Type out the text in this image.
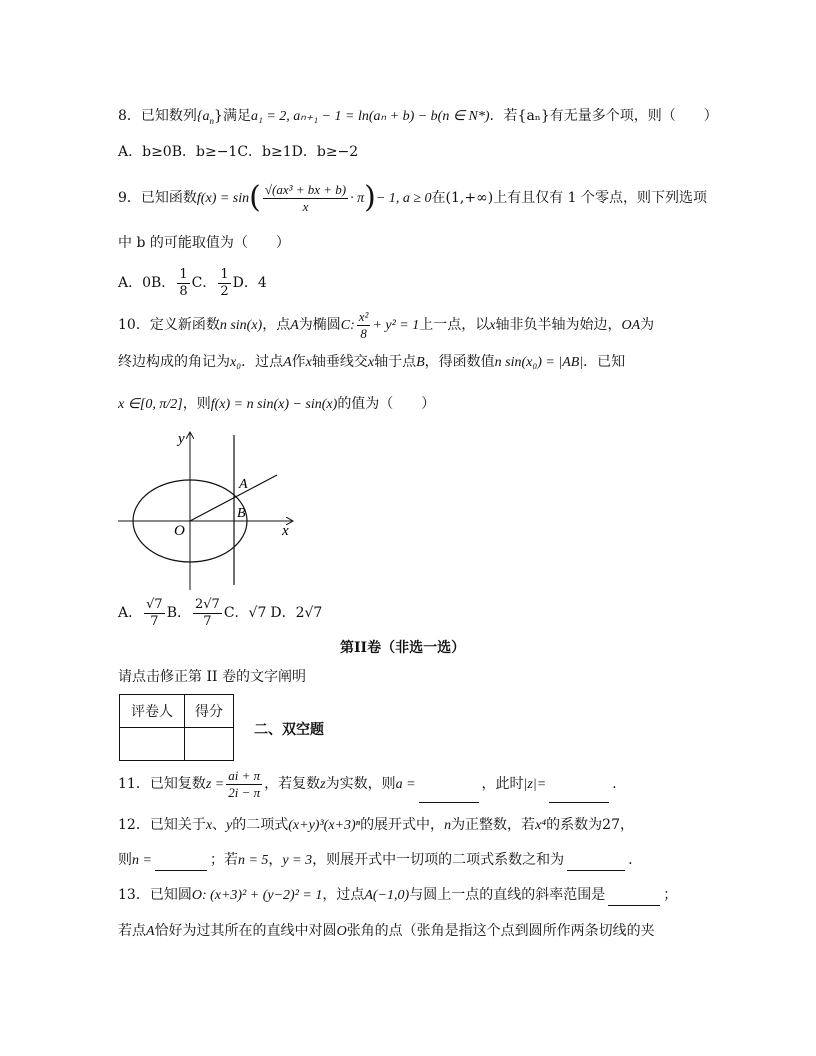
8．已知数列$\{a_n\}$满足a₁ = 2, aₙ₊₁ − 1 = ln(aₙ + b) − b(n ∈ N*)．若{aₙ}有无量多个项，则（　　）
A．b≥0B．b≥−1C．b≥1D．b≥−2
9．已知函数$f(x) = \sin( \frac{\text{√(ax³ + bx + b)}}{x} \cdot \pi)- 1$, a ≥ 0在(1,+∞)上有且仅有 1 个零点，则下列选项
中 b 的可能取值为（　　）
A．0B． $\frac{1}{8}$ C． $\frac{1}{2}$ D．4
10．定义新函数n sin(x)，点A为椭圆C: $\frac{\text{x²}}{8} + y^2 = 1$上一点，以x轴非负半轴为始边，OA为
终边构成的角记为x₀．过点A作x轴垂线交x轴于点B，得函数值n sin(x₀) = |AB|．已知
x ∈[0, π/2]，则f(x) = n sin(x) − sin(x)的值为（　　）
y
x
O
A
B
A． $\frac{√7}{7}$ B． $\frac{2√7}{7}$ C．√7 D．2√7
第II卷（非选一选）
请点击修正第 II 卷的文字阐明
评卷人	得分

二、双空题
11．已知复数$z = \frac{ai + \pi}{2i - \pi}$ ，若复数z为实数，则a =	，此时|z|=	.
12．已知关于x、y的二项式(x+y)³(x+3)ⁿ的展开式中，n为正整数，若x⁴的系数为27，
则n =	；若n = 5，y = 3，则展开式中一切项的二项式系数之和为	.
13．已知圆O: (x+3)² + (y−2)² = 1，过点A(−1,0)与圆上一点的直线的斜率范围是	；
若点A恰好为过其所在的直线中对圆O张角的点（张角是指这个点到圆所作两条切线的夹
